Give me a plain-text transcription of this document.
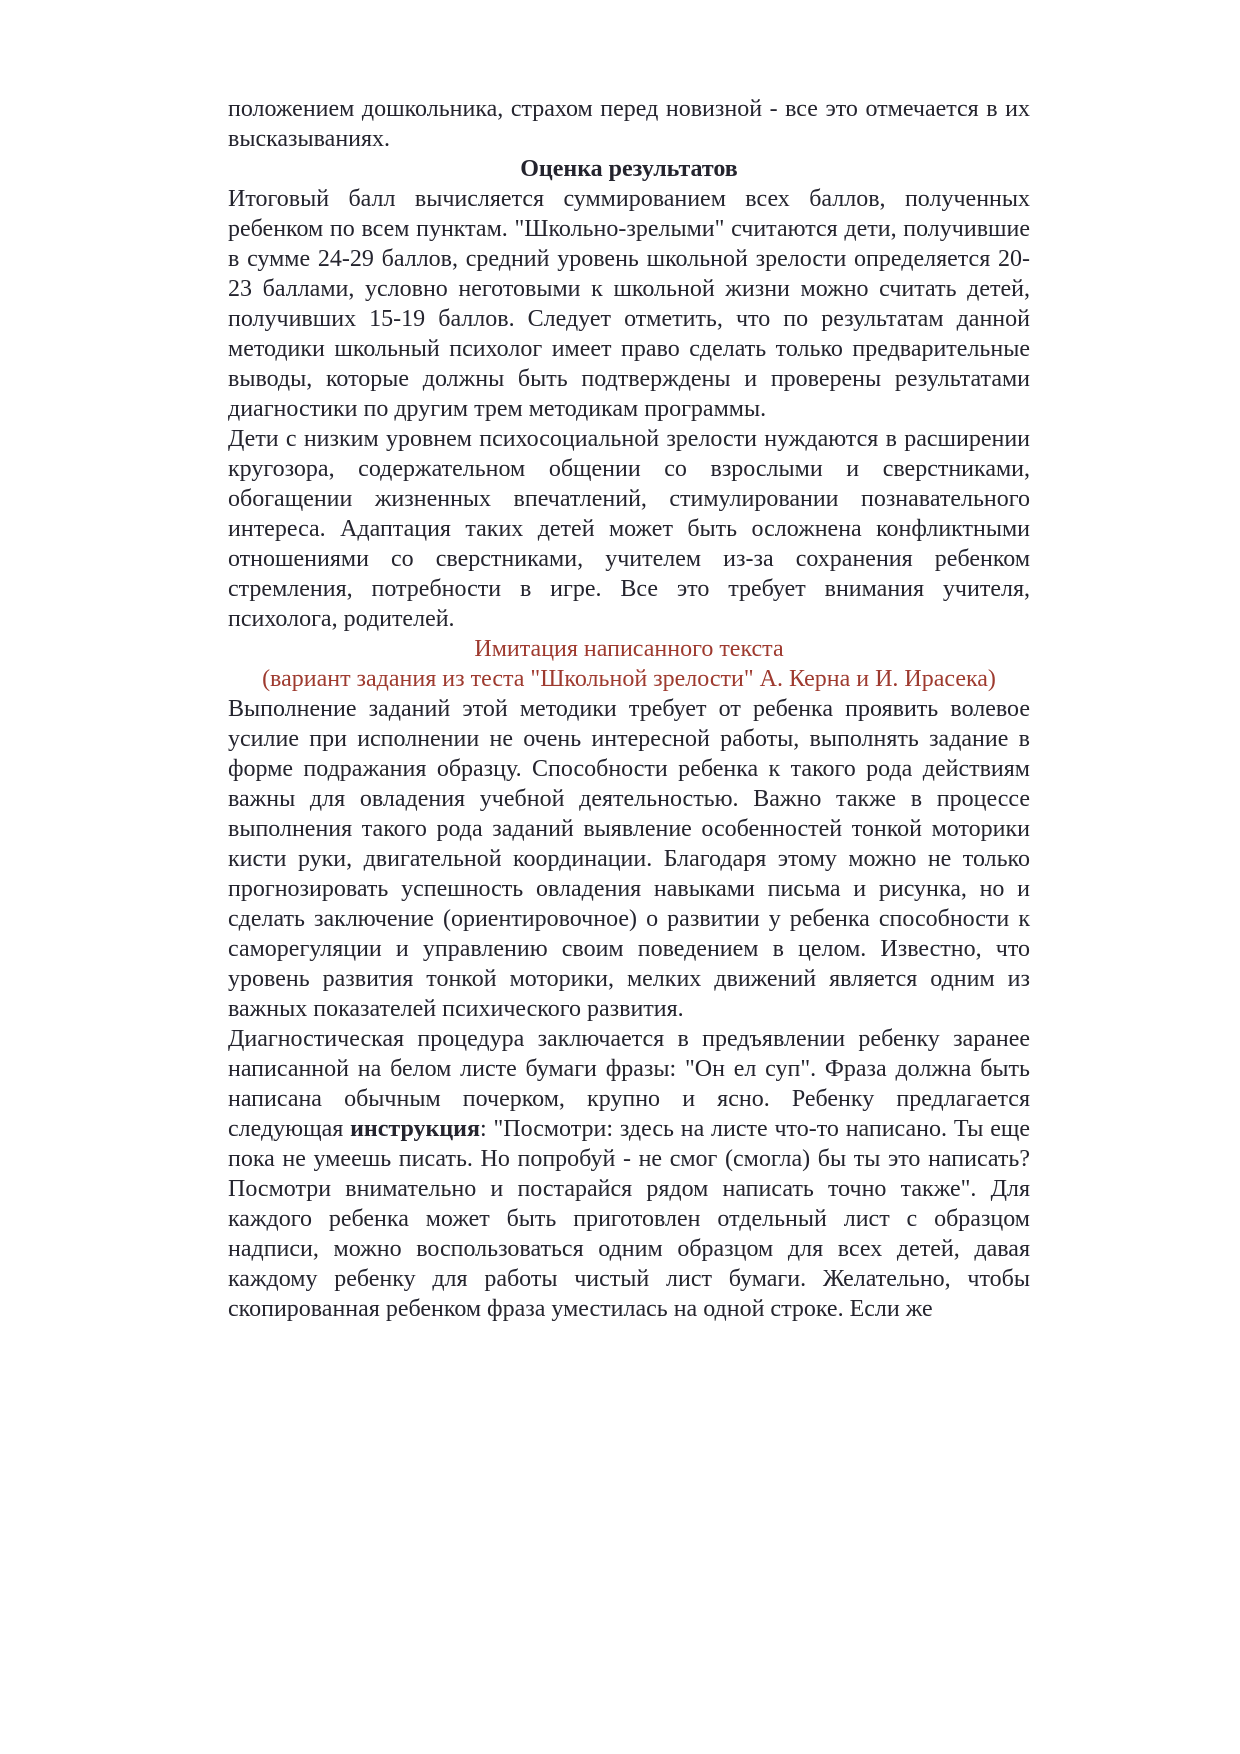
положением дошкольника, страхом перед новизной - все это отмечается в их высказываниях.

Оценка результатов

Итоговый балл вычисляется суммированием всех баллов, полученных ребенком по всем пунктам. "Школьно-зрелыми" считаются дети, получившие в сумме 24-29 баллов, средний уровень школьной зрелости определяется 20-23 баллами, условно неготовыми к школьной жизни можно считать детей, получивших 15-19 баллов. Следует отметить, что по результатам данной методики школьный психолог имеет право сделать только предварительные выводы, которые должны быть подтверждены и проверены результатами диагностики по другим трем методикам программы.

Дети с низким уровнем психосоциальной зрелости нуждаются в расширении кругозора, содержательном общении со взрослыми и сверстниками, обогащении жизненных впечатлений, стимулировании познавательного интереса. Адаптация таких детей может быть осложнена конфликтными отношениями со сверстниками, учителем из-за сохранения ребенком стремления, потребности в игре. Все это требует внимания учителя, психолога, родителей.

Имитация написанного текста

(вариант задания из теста "Школьной зрелости" А. Керна и И. Ирасека)

Выполнение заданий этой методики требует от ребенка проявить волевое усилие при исполнении не очень интересной работы, выполнять задание в форме подражания образцу. Способности ребенка к такого рода действиям важны для овладения учебной деятельностью. Важно также в процессе выполнения такого рода заданий выявление особенностей тонкой моторики кисти руки, двигательной координации. Благодаря этому можно не только прогнозировать успешность овладения навыками письма и рисунка, но и сделать заключение (ориентировочное) о развитии у ребенка способности к саморегуляции и управлению своим поведением в целом. Известно, что уровень развития тонкой моторики, мелких движений является одним из важных показателей психического развития.

Диагностическая процедура заключается в предъявлении ребенку заранее написанной на белом листе бумаги фразы: "Он ел суп". Фраза должна быть написана обычным почерком, крупно и ясно. Ребенку предлагается следующая инструкция: "Посмотри: здесь на листе что-то написано. Ты еще пока не умеешь писать. Но попробуй - не смог (смогла) бы ты это написать? Посмотри внимательно и постарайся рядом написать точно также". Для каждого ребенка может быть приготовлен отдельный лист с образцом надписи, можно воспользоваться одним образцом для всех детей, давая каждому ребенку для работы чистый лист бумаги. Желательно, чтобы скопированная ребенком фраза уместилась на одной строке. Если же
